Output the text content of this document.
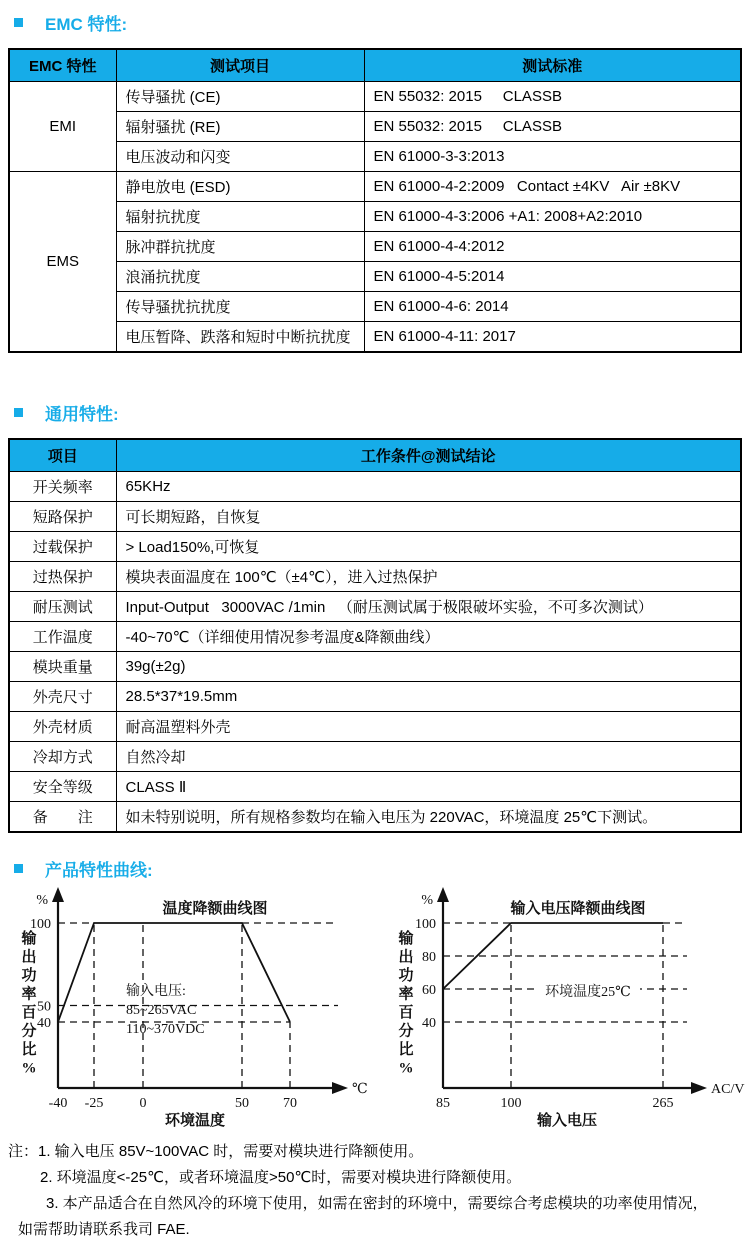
EMC 特性:
EMC 特性	测试项目	测试标准
EMI	传导骚扰 (CE)	EN 55032: 2015     CLASSB
	辐射骚扰 (RE)	EN 55032: 2015     CLASSB
	电压波动和闪变	EN 61000-3-3:2013
EMS	静电放电 (ESD)	EN 61000-4-2:2009   Contact ±4KV   Air ±8KV
	辐射抗扰度	EN 61000-4-3:2006 +A1: 2008+A2:2010
	脉冲群抗扰度	EN 61000-4-4:2012
	浪涌抗扰度	EN 61000-4-5:2014
	传导骚扰抗扰度	EN 61000-4-6: 2014
	电压暂降、跌落和短时中断抗扰度	EN 61000-4-11: 2017
通用特性:
项目	工作条件@测试结论
开关频率	65KHz
短路保护	可长期短路，自恢复
过载保护	> Load150%,可恢复
过热保护	模块表面温度在 100℃（±4℃），进入过热保护
耐压测试	Input-Output   3000VAC /1min   （耐压测试属于极限破坏实验，不可多次测试）
工作温度	-40~70℃（详细使用情况参考温度&降额曲线）
模块重量	39g(±2g)
外壳尺寸	28.5*37*19.5mm
外壳材质	耐高温塑料外壳
冷却方式	自然冷却
安全等级	CLASS Ⅱ
备　　注	如未特别说明，所有规格参数均在输入电压为 220VAC，环境温度 25℃下测试。
产品特性曲线:
%
℃
100
50
40
-40 -25	0	50 70
温度降额曲线图
环境温度
输出功率百分比%
输入电压:
85~265VAC
110~370VDC
%
AC/V
100
80
60
40
85	100	265
输入电压降额曲线图
输入电压
输出功率百分比%
环境温度25℃
注：1. 输入电压 85V~100VAC 时，需要对模块进行降额使用。
2. 环境温度<-25℃，或者环境温度>50℃时，需要对模块进行降额使用。
3. 本产品适合在自然风冷的环境下使用，如需在密封的环境中，需要综合考虑模块的功率使用情况，
如需帮助请联系我司 FAE.
